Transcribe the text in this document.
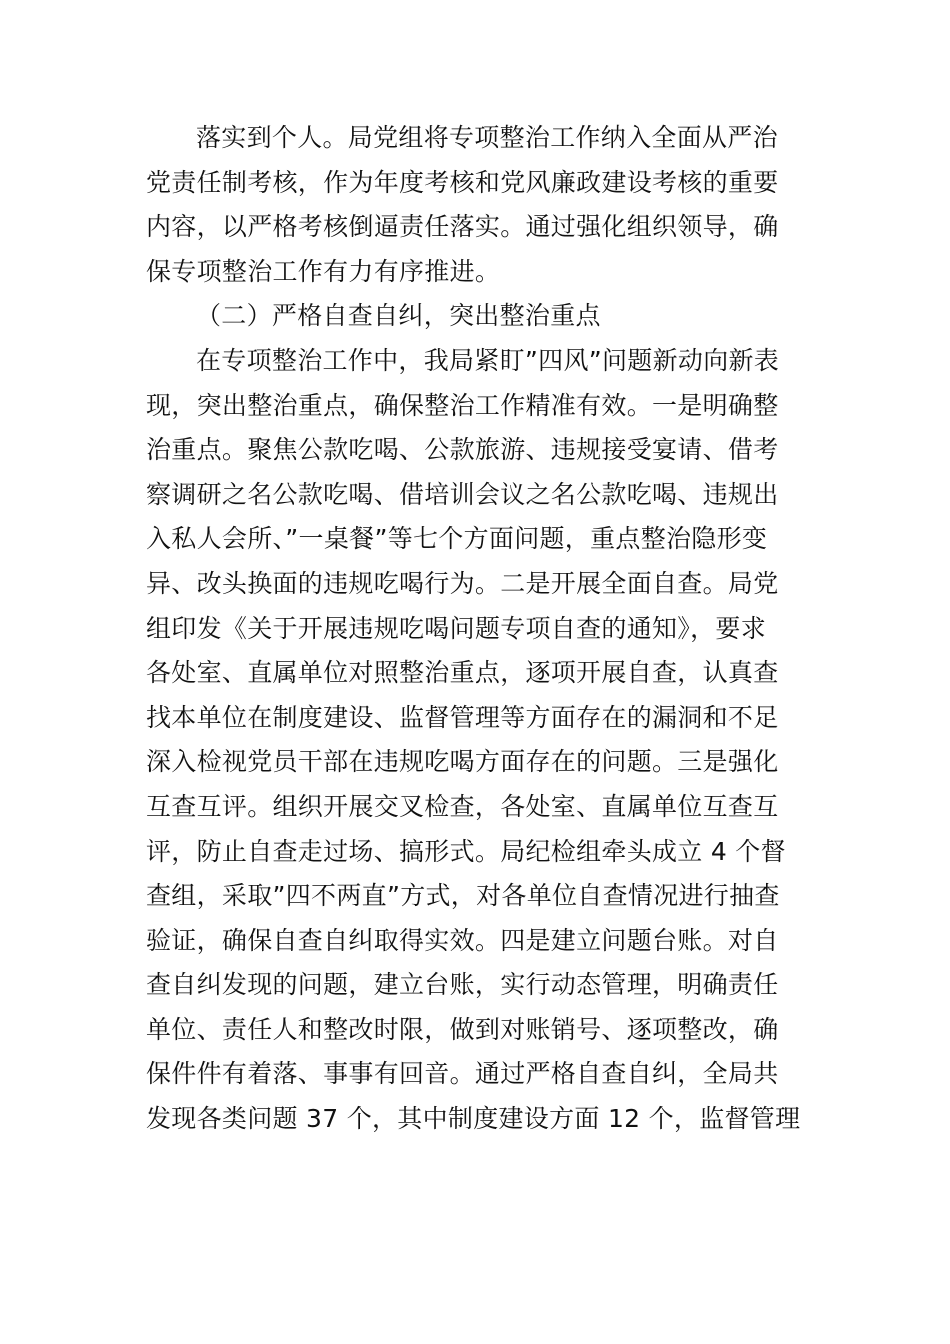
落实到个人。局党组将专项整治工作纳入全面从严治
党责任制考核，作为年度考核和党风廉政建设考核的重要
内容，以严格考核倒逼责任落实。通过强化组织领导，确
保专项整治工作有力有序推进。
（二）严格自查自纠，突出整治重点
在专项整治工作中，我局紧盯”四风”问题新动向新表
现，突出整治重点，确保整治工作精准有效。一是明确整
治重点。聚焦公款吃喝、公款旅游、违规接受宴请、借考
察调研之名公款吃喝、借培训会议之名公款吃喝、违规出
入私人会所、”一桌餐”等七个方面问题，重点整治隐形变
异、改头换面的违规吃喝行为。二是开展全面自查。局党
组印发《关于开展违规吃喝问题专项自查的通知》，要求
各处室、直属单位对照整治重点，逐项开展自查，认真查
找本单位在制度建设、监督管理等方面存在的漏洞和不足
深入检视党员干部在违规吃喝方面存在的问题。三是强化
互查互评。组织开展交叉检查，各处室、直属单位互查互
评，防止自查走过场、搞形式。局纪检组牵头成立 4 个督
查组，采取”四不两直”方式，对各单位自查情况进行抽查
验证，确保自查自纠取得实效。四是建立问题台账。对自
查自纠发现的问题，建立台账，实行动态管理，明确责任
单位、责任人和整改时限，做到对账销号、逐项整改，确
保件件有着落、事事有回音。通过严格自查自纠，全局共
发现各类问题 37 个，其中制度建设方面 12 个，监督管理
